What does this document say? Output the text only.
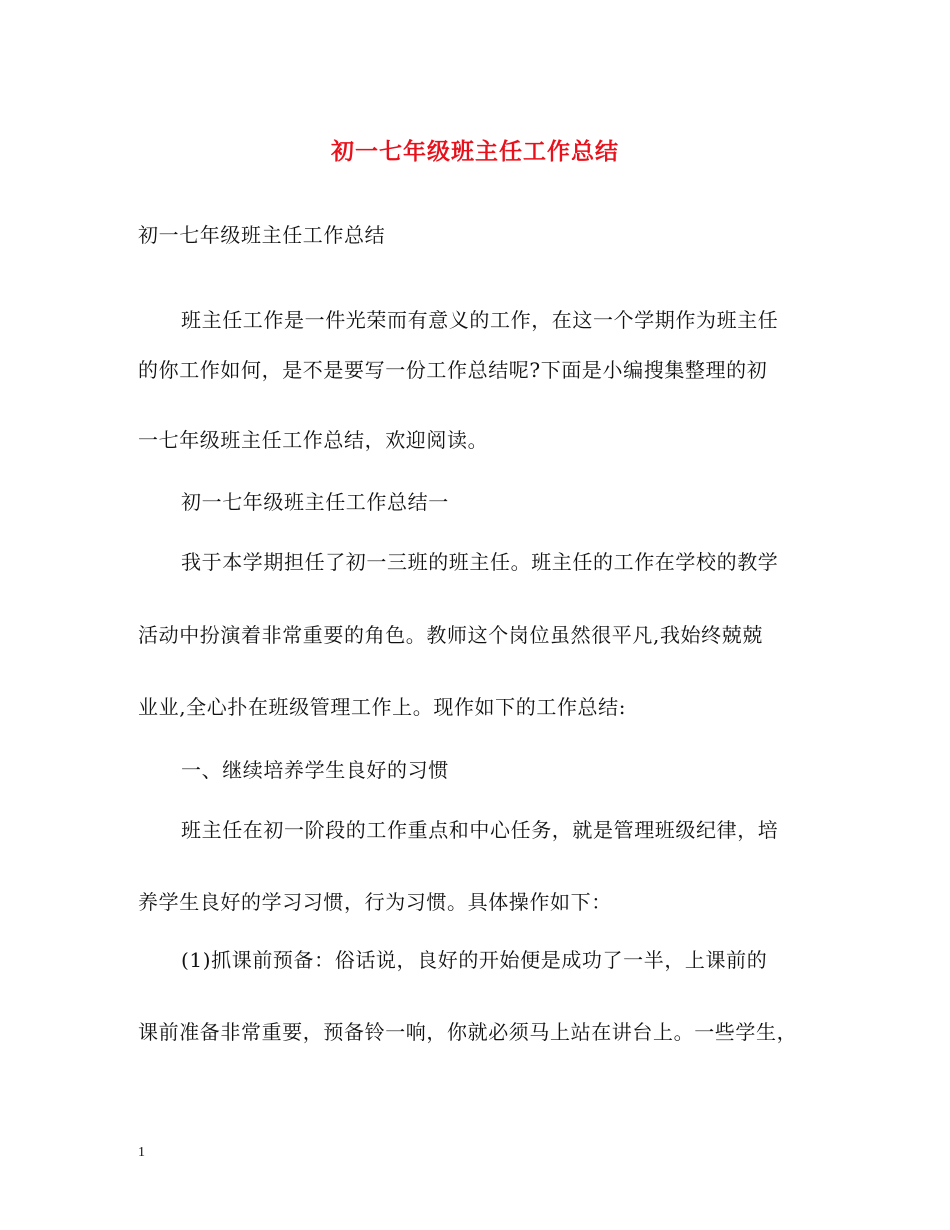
初一七年级班主任工作总结
初一七年级班主任工作总结
班主任工作是一件光荣而有意义的工作，在这一个学期作为班主任
的你工作如何，是不是要写一份工作总结呢?下面是小编搜集整理的初
一七年级班主任工作总结，欢迎阅读。
初一七年级班主任工作总结一
我于本学期担任了初一三班的班主任。班主任的工作在学校的教学
活动中扮演着非常重要的角色。教师这个岗位虽然很平凡,我始终兢兢
业业,全心扑在班级管理工作上。现作如下的工作总结:
一、继续培养学生良好的习惯
班主任在初一阶段的工作重点和中心任务，就是管理班级纪律，培
养学生良好的学习习惯，行为习惯。具体操作如下：
(1)抓课前预备：俗话说，良好的开始便是成功了一半，上课前的
课前准备非常重要，预备铃一响，你就必须马上站在讲台上。一些学生，
1
